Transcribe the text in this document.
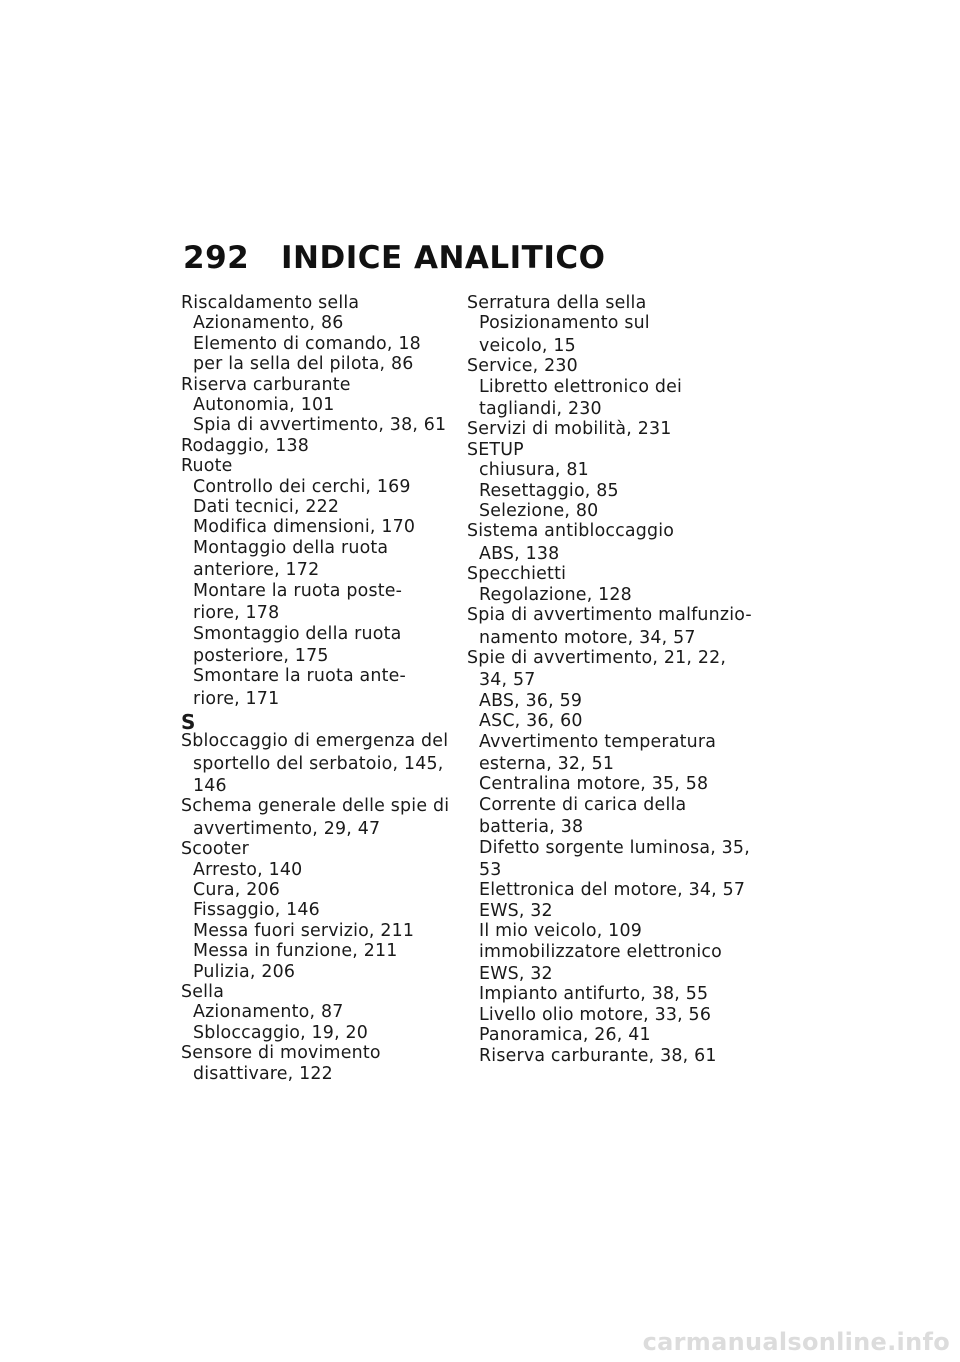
292 INDICE ANALITICO
Riscaldamento sella
Azionamento, 86
Elemento di comando, 18
per la sella del pilota, 86
Riserva carburante
Autonomia, 101
Spia di avvertimento, 38, 61
Rodaggio, 138
Ruote
Controllo dei cerchi, 169
Dati tecnici, 222
Modifica dimensioni, 170
Montaggio della ruota
anteriore, 172
Montare la ruota poste-
riore, 178
Smontaggio della ruota
posteriore, 175
Smontare la ruota ante-
riore, 171
S
Sbloccaggio di emergenza del
sportello del serbatoio, 145,
146
Schema generale delle spie di
avvertimento, 29, 47
Scooter
Arresto, 140
Cura, 206
Fissaggio, 146
Messa fuori servizio, 211
Messa in funzione, 211
Pulizia, 206
Sella
Azionamento, 87
Sbloccaggio, 19, 20
Sensore di movimento
disattivare, 122
Serratura della sella
Posizionamento sul
veicolo, 15
Service, 230
Libretto elettronico dei
tagliandi, 230
Servizi di mobilità, 231
SETUP
chiusura, 81
Resettaggio, 85
Selezione, 80
Sistema antibloccaggio
ABS, 138
Specchietti
Regolazione, 128
Spia di avvertimento malfunzio-
namento motore, 34, 57
Spie di avvertimento, 21, 22,
34, 57
ABS, 36, 59
ASC, 36, 60
Avvertimento temperatura
esterna, 32, 51
Centralina motore, 35, 58
Corrente di carica della
batteria, 38
Difetto sorgente luminosa, 35,
53
Elettronica del motore, 34, 57
EWS, 32
Il mio veicolo, 109
immobilizzatore elettronico
EWS, 32
Impianto antifurto, 38, 55
Livello olio motore, 33, 56
Panoramica, 26, 41
Riserva carburante, 38, 61
carmanualsonline.info
